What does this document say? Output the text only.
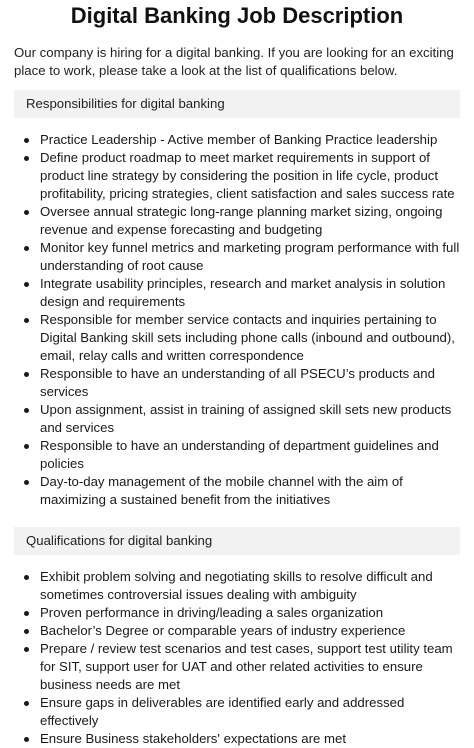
Digital Banking Job Description

Our company is hiring for a digital banking. If you are looking for an exciting place to work, please take a look at the list of qualifications below.

Responsibilities for digital banking
Practice Leadership - Active member of Banking Practice leadership
Define product roadmap to meet market requirements in support of product line strategy by considering the position in life cycle, product profitability, pricing strategies, client satisfaction and sales success rate
Oversee annual strategic long-range planning market sizing, ongoing revenue and expense forecasting and budgeting
Monitor key funnel metrics and marketing program performance with full understanding of root cause
Integrate usability principles, research and market analysis in solution design and requirements
Responsible for member service contacts and inquiries pertaining to Digital Banking skill sets including phone calls (inbound and outbound), email, relay calls and written correspondence
Responsible to have an understanding of all PSECU’s products and services
Upon assignment, assist in training of assigned skill sets new products and services
Responsible to have an understanding of department guidelines and policies
Day-to-day management of the mobile channel with the aim of maximizing a sustained benefit from the initiatives
Qualifications for digital banking
Exhibit problem solving and negotiating skills to resolve difficult and sometimes controversial issues dealing with ambiguity
Proven performance in driving/leading a sales organization
Bachelor’s Degree or comparable years of industry experience
Prepare / review test scenarios and test cases, support test utility team for SIT, support user for UAT and other related activities to ensure business needs are met
Ensure gaps in deliverables are identified early and addressed effectively
Ensure Business stakeholders' expectations are met
